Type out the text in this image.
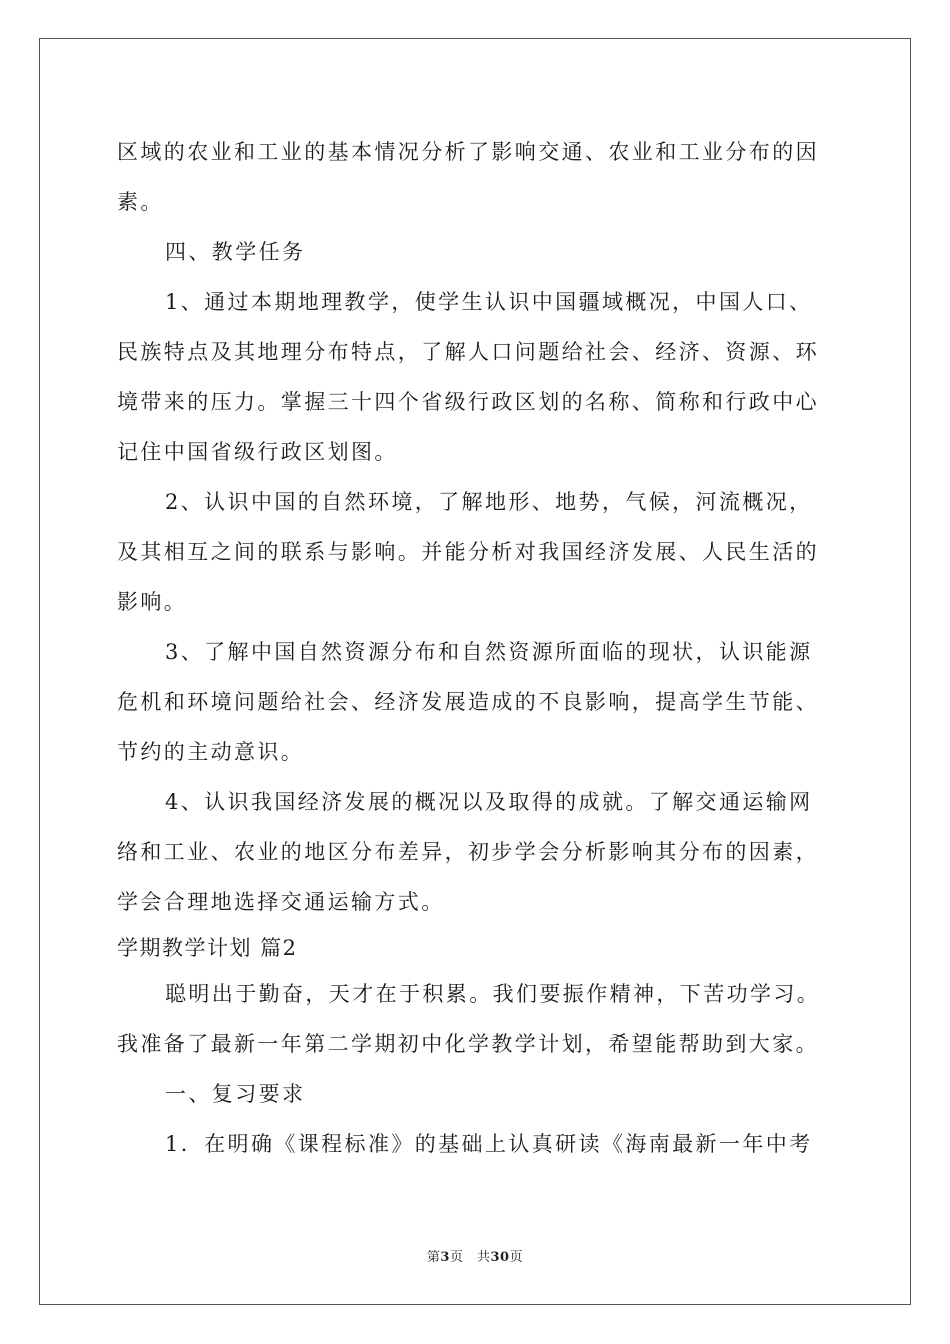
区域的农业和工业的基本情况分析了影响交通、农业和工业分布的因
素。
四、教学任务
1、通过本期地理教学，使学生认识中国疆域概况，中国人口、
民族特点及其地理分布特点，了解人口问题给社会、经济、资源、环
境带来的压力。掌握三十四个省级行政区划的名称、简称和行政中心
记住中国省级行政区划图。
2、认识中国的自然环境，了解地形、地势，气候，河流概况，
及其相互之间的联系与影响。并能分析对我国经济发展、人民生活的
影响。
3、了解中国自然资源分布和自然资源所面临的现状，认识能源
危机和环境问题给社会、经济发展造成的不良影响，提高学生节能、
节约的主动意识。
4、认识我国经济发展的概况以及取得的成就。了解交通运输网
络和工业、农业的地区分布差异，初步学会分析影响其分布的因素，
学会合理地选择交通运输方式。
学期教学计划 篇2
聪明出于勤奋，天才在于积累。我们要振作精神，下苦功学习。
我准备了最新一年第二学期初中化学教学计划，希望能帮助到大家。
一、复习要求
1．在明确《课程标准》的基础上认真研读《海南最新一年中考
第3页　共30页
